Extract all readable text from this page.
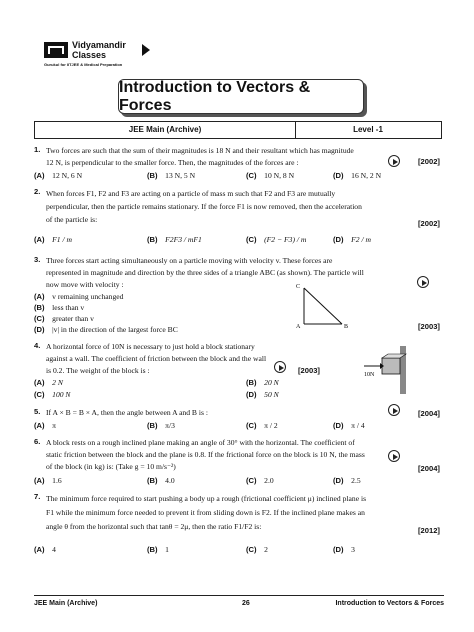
Vidyamandir Classes
Gurukul for IITJEE & Medical Preparation
Introduction to Vectors & Forces
JEE Main (Archive)	Level -1
1. Two forces are such that the sum of their magnitudes is 18 N and their resultant which has magnitude
12 N, is perpendicular to the smaller force. Then, the magnitudes of the forces are :	[2002]
(A) 12 N, 6 N	(B) 13 N, 5 N	(C) 10 N, 8 N	(D) 16 N, 2 N
2. When forces F1, F2 and F3 are acting on a particle of mass m such that F2 and F3 are mutually
perpendicular, then the particle remains stationary. If the force F1 is now removed, then the acceleration
of the particle is:	[2002]
(A) F1 / m	(B) F2F3 / mF1	(C) (F2 − F3) / m	(D) F2 / m
3. Three forces start acting simultaneously on a particle moving with velocity v. These forces are
represented in magnitude and direction by the three sides of a triangle ABC (as shown). The particle will
now move with velocity :
(A) v remaining unchanged
(B) less than v
(C) greater than v
(D) |v| in the direction of the largest force BC
C
A	B	[2003]
4. A horizontal force of 10N is necessary to just hold a block stationary
against a wall. The coefficient of friction between the block and the wall
is 0.2. The weight of the block is :	[2003]	10N
(A) 2 N	(B) 20 N
(C) 100 N	(D) 50 N
5. If A × B = B × A, then the angle between A and B is :	[2004]
(A) π	(B) π/3	(C) π / 2	(D) π / 4
6. A block rests on a rough inclined plane making an angle of 30° with the horizontal. The coefficient of
static friction between the block and the plane is 0.8. If the frictional force on the block is 10 N, the mass
of the block (in kg) is: (Take g = 10 m/s⁻²)	[2004]
(A) 1.6	(B) 4.0	(C) 2.0	(D) 2.5
7. The minimum force required to start pushing a body up a rough (frictional coefficient μ) inclined plane is
F1 while the minimum force needed to prevent it from sliding down is F2. If the inclined plane makes an
angle θ from the horizontal such that tanθ = 2μ, then the ratio F1/F2 is:	[2012]
(A) 4	(B) 1	(C) 2	(D) 3
JEE Main (Archive)	26	Introduction to Vectors & Forces
